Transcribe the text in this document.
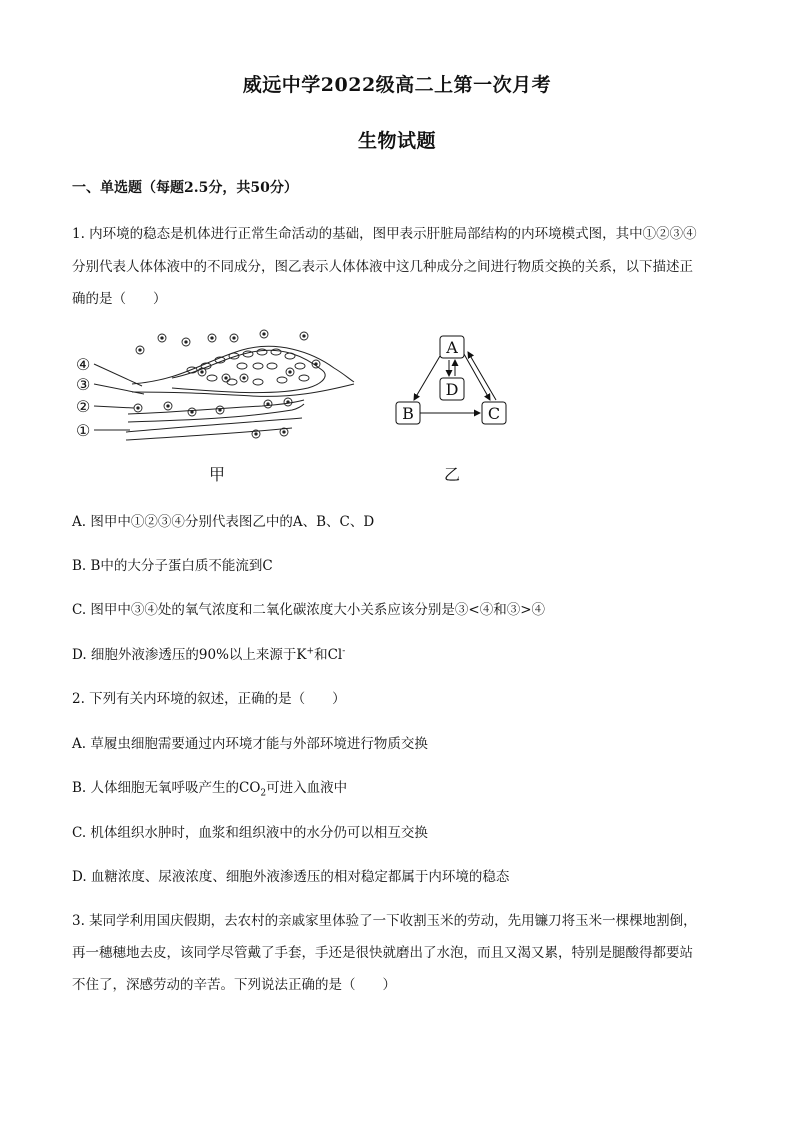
威远中学2022级高二上第一次月考
生物试题
一、单选题（每题2.5分，共50分）
1. 内环境的稳态是机体进行正常生命活动的基础，图甲表示肝脏局部结构的内环境模式图，其中①②③④
分别代表人体体液中的不同成分，图乙表示人体体液中这几种成分之间进行物质交换的关系，以下描述正
确的是（　　）
④
③
②
①
甲
A
D
B	C
乙
A. 图甲中①②③④分别代表图乙中的A、B、C、D
B. B中的大分子蛋白质不能流到C
C. 图甲中③④处的氧气浓度和二氧化碳浓度大小关系应该分别是③<④和③>④
D. 细胞外液渗透压的90%以上来源于K+和Cl-
2. 下列有关内环境的叙述，正确的是（　　）
A. 草履虫细胞需要通过内环境才能与外部环境进行物质交换
B. 人体细胞无氧呼吸产生的$CO_2$可进入血液中
C. 机体组织水肿时，血浆和组织液中的水分仍可以相互交换
D. 血糖浓度、尿液浓度、细胞外液渗透压的相对稳定都属于内环境的稳态
3. 某同学利用国庆假期，去农村的亲戚家里体验了一下收割玉米的劳动，先用镰刀将玉米一棵棵地割倒，
再一穗穗地去皮，该同学尽管戴了手套，手还是很快就磨出了水泡，而且又渴又累，特别是腿酸得都要站
不住了，深感劳动的辛苦。下列说法正确的是（　　）
